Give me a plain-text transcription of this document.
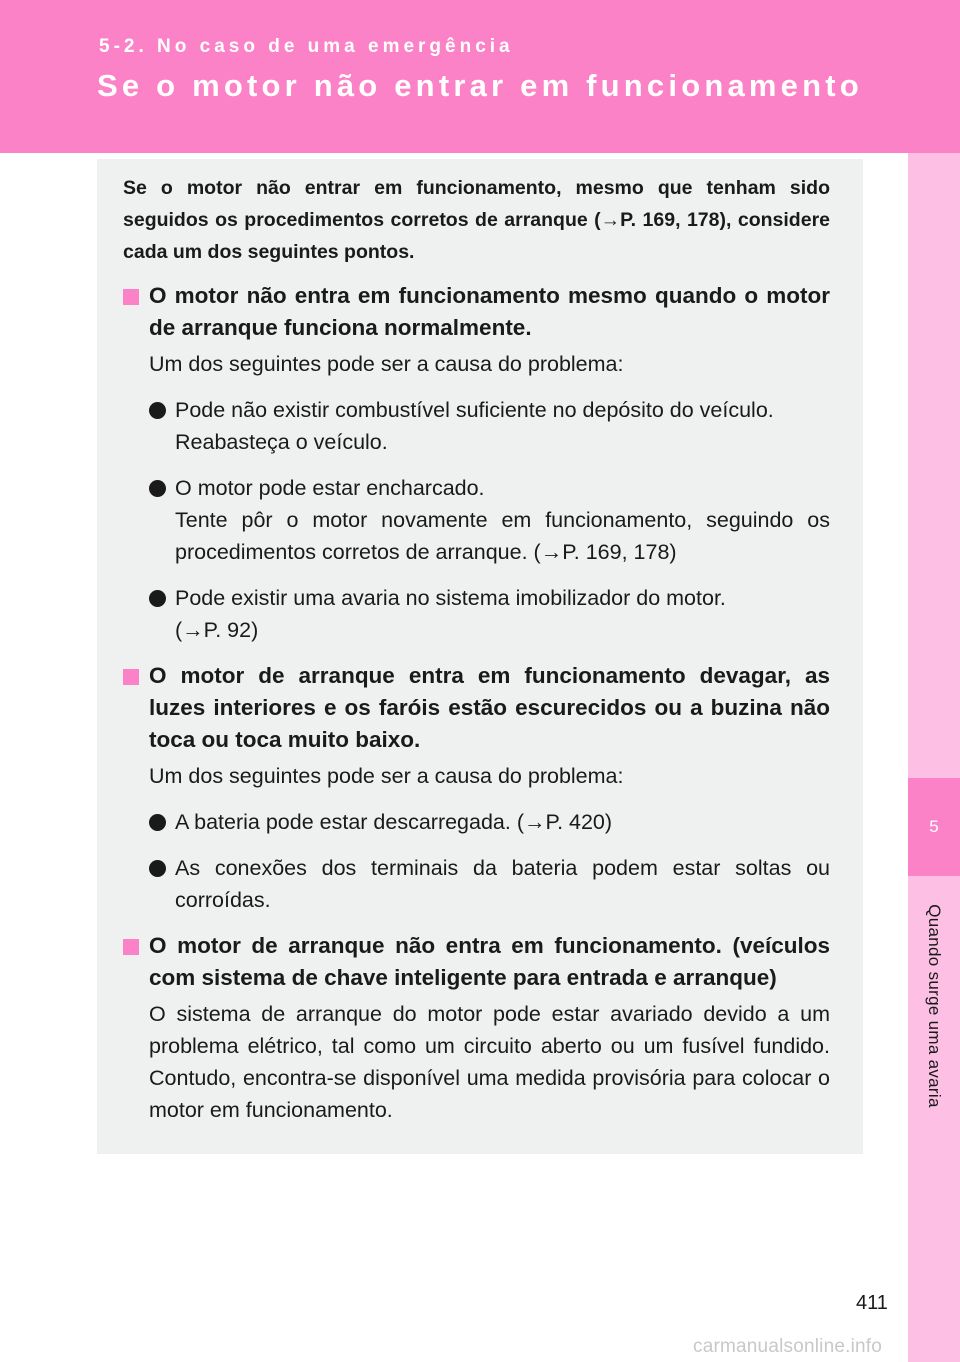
5-2. No caso de uma emergência
Se o motor não entrar em funcionamento
5
Quando surge uma avaria

Se o motor não entrar em funcionamento, mesmo que tenham sido seguidos os procedimentos corretos de arranque (→P. 169, 178), considere cada um dos seguintes pontos.

O motor não entra em funcionamento mesmo quando o motor de arranque funciona normalmente.

Um dos seguintes pode ser a causa do problema:

Pode não existir combustível suficiente no depósito do veículo.
Reabasteça o veículo.
O motor pode estar encharcado.
Tente pôr o motor novamente em funcionamento, seguindo os procedimentos corretos de arranque. (→P. 169, 178)
Pode existir uma avaria no sistema imobilizador do motor.
(→P. 92)
O motor de arranque entra em funcionamento devagar, as luzes interiores e os faróis estão escurecidos ou a buzina não toca ou toca muito baixo.

Um dos seguintes pode ser a causa do problema:

A bateria pode estar descarregada. (→P. 420)
As conexões dos terminais da bateria podem estar soltas ou corroídas.
O motor de arranque não entra em funcionamento. (veículos com sistema de chave inteligente para entrada e arranque)

O sistema de arranque do motor pode estar avariado devido a um problema elétrico, tal como um circuito aberto ou um fusível fundido. Contudo, encontra-se disponível uma medida provisória para colocar o motor em funcionamento.

411
carmanualsonline.info
